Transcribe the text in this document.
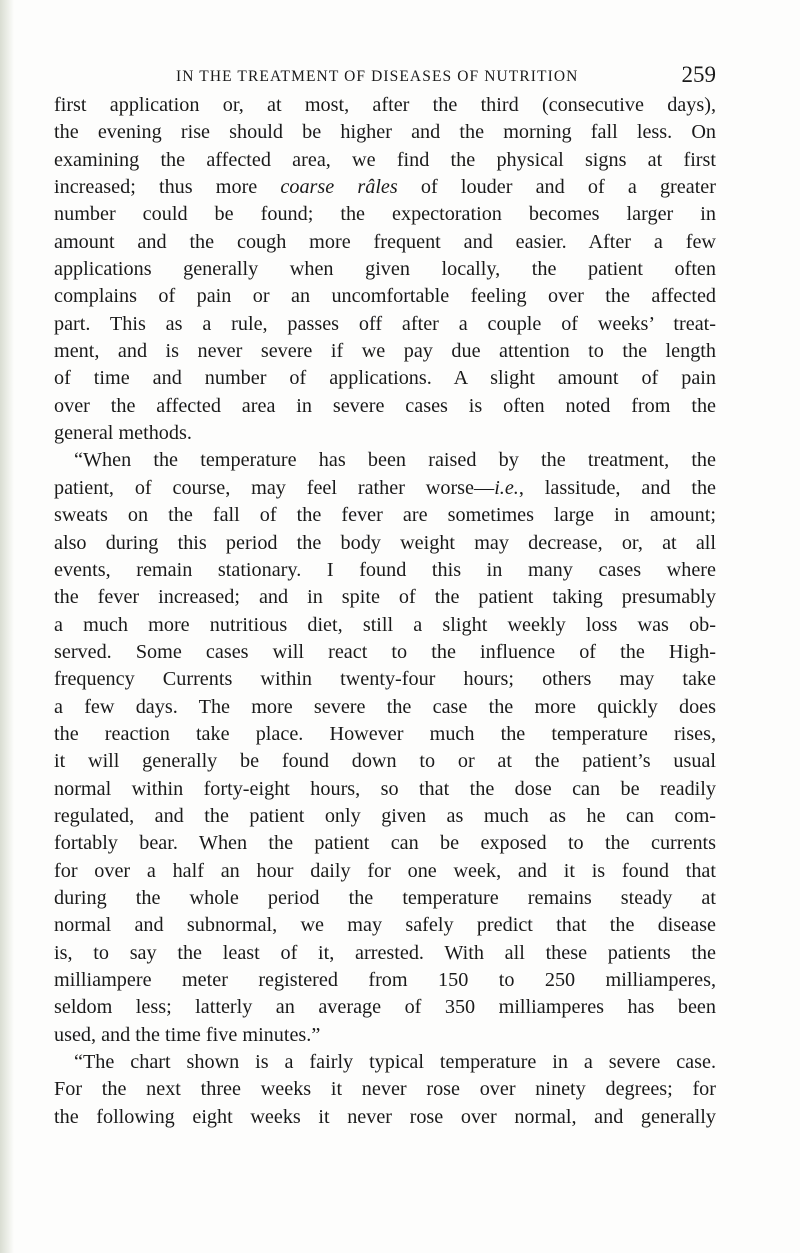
IN THE TREATMENT OF DISEASES OF NUTRITION	259
first application or, at most, after the third (consecutive days),
the evening rise should be higher and the morning fall less. On
examining the affected area, we find the physical signs at first
increased; thus more coarse râles of louder and of a greater
number could be found; the expectoration becomes larger in
amount and the cough more frequent and easier. After a few
applications generally when given locally, the patient often
complains of pain or an uncomfortable feeling over the affected
part. This as a rule, passes off after a couple of weeks’ treat-
ment, and is never severe if we pay due attention to the length
of time and number of applications. A slight amount of pain
over the affected area in severe cases is often noted from the
general methods.
“When the temperature has been raised by the treatment, the
patient, of course, may feel rather worse—i.e., lassitude, and the
sweats on the fall of the fever are sometimes large in amount;
also during this period the body weight may decrease, or, at all
events, remain stationary. I found this in many cases where
the fever increased; and in spite of the patient taking presumably
a much more nutritious diet, still a slight weekly loss was ob-
served. Some cases will react to the influence of the High-
frequency Currents within twenty-four hours; others may take
a few days. The more severe the case the more quickly does
the reaction take place. However much the temperature rises,
it will generally be found down to or at the patient’s usual
normal within forty-eight hours, so that the dose can be readily
regulated, and the patient only given as much as he can com-
fortably bear. When the patient can be exposed to the currents
for over a half an hour daily for one week, and it is found that
during the whole period the temperature remains steady at
normal and subnormal, we may safely predict that the disease
is, to say the least of it, arrested. With all these patients the
milliampere meter registered from 150 to 250 milliamperes,
seldom less; latterly an average of 350 milliamperes has been
used, and the time five minutes.”
“The chart shown is a fairly typical temperature in a severe case.
For the next three weeks it never rose over ninety degrees; for
the following eight weeks it never rose over normal, and generally
